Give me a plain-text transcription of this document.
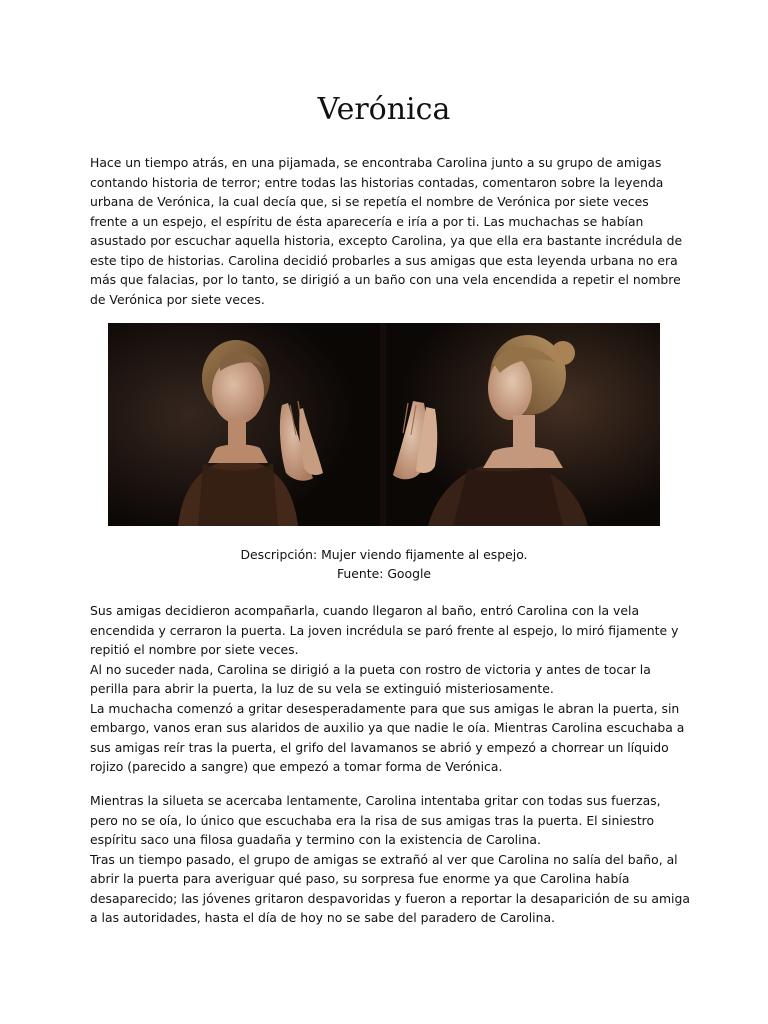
Verónica
Hace un tiempo atrás, en una pijamada, se encontraba Carolina junto a su grupo de amigas
contando historia de terror; entre todas las historias contadas, comentaron sobre la leyenda
urbana de Verónica, la cual decía que, si se repetía el nombre de Verónica por siete veces
frente a un espejo, el espíritu de ésta aparecería e iría a por ti. Las muchachas se habían
asustado por escuchar aquella historia, excepto Carolina, ya que ella era bastante incrédula de
este tipo de historias. Carolina decidió probarles a sus amigas que esta leyenda urbana no era
más que falacias, por lo tanto, se dirigió a un baño con una vela encendida a repetir el nombre
de Verónica por siete veces.
Descripción: Mujer viendo fijamente al espejo.
Fuente: Google
Sus amigas decidieron acompañarla, cuando llegaron al baño, entró Carolina con la vela
encendida y cerraron la puerta. La joven incrédula se paró frente al espejo, lo miró fijamente y
repitió el nombre por siete veces.
Al no suceder nada, Carolina se dirigió a la pueta con rostro de victoria y antes de tocar la
perilla para abrir la puerta, la luz de su vela se extinguió misteriosamente.
La muchacha comenzó a gritar desesperadamente para que sus amigas le abran la puerta, sin
embargo, vanos eran sus alaridos de auxilio ya que nadie le oía. Mientras Carolina escuchaba a
sus amigas reír tras la puerta, el grifo del lavamanos se abrió y empezó a chorrear un líquido
rojizo (parecido a sangre) que empezó a tomar forma de Verónica.
Mientras la silueta se acercaba lentamente, Carolina intentaba gritar con todas sus fuerzas,
pero no se oía, lo único que escuchaba era la risa de sus amigas tras la puerta. El siniestro
espíritu saco una filosa guadaña y termino con la existencia de Carolina.
Tras un tiempo pasado, el grupo de amigas se extrañó al ver que Carolina no salía del baño, al
abrir la puerta para averiguar qué paso, su sorpresa fue enorme ya que Carolina había
desaparecido; las jóvenes gritaron despavoridas y fueron a reportar la desaparición de su amiga
a las autoridades, hasta el día de hoy no se sabe del paradero de Carolina.
